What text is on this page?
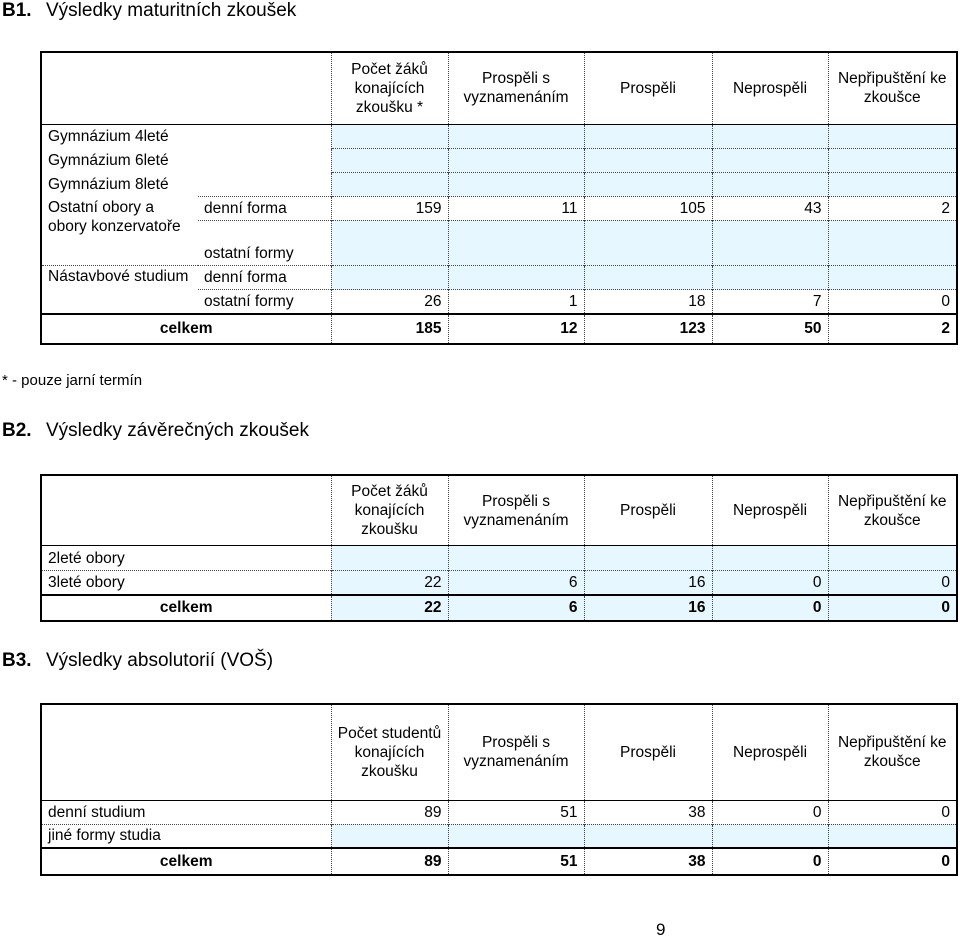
B1. Výsledky maturitních zkoušek
		Počet žáků konajících zkoušku *	Prospěli s vyznamenáním	Prospěli	Neprospěli	Nepřipuštění ke zkoušce
Gymnázium 4leté						
Gymnázium 6leté						
Gymnázium 8leté						
Ostatní obory a obory konzervatoře	denní forma	159	11	105	43	2
	ostatní formy					
Nástavbové studium	denní forma					
	ostatní formy	26	1	18	7	0
celkem		185	12	123	50	2
* - pouze jarní termín
B2. Výsledky závěrečných zkoušek
	Počet žáků konajících zkoušku	Prospěli s vyznamenáním	Prospěli	Neprospěli	Nepřipuštění ke zkoušce
2leté obory					
3leté obory	22	6	16	0	0
celkem	22	6	16	0	0
B3. Výsledky absolutorií (VOŠ)
	Počet studentů konajících zkoušku	Prospěli s vyznamenáním	Prospěli	Neprospěli	Nepřipuštění ke zkoušce
denní studium	89	51	38	0	0
jiné formy studia					
celkem	89	51	38	0	0
9
